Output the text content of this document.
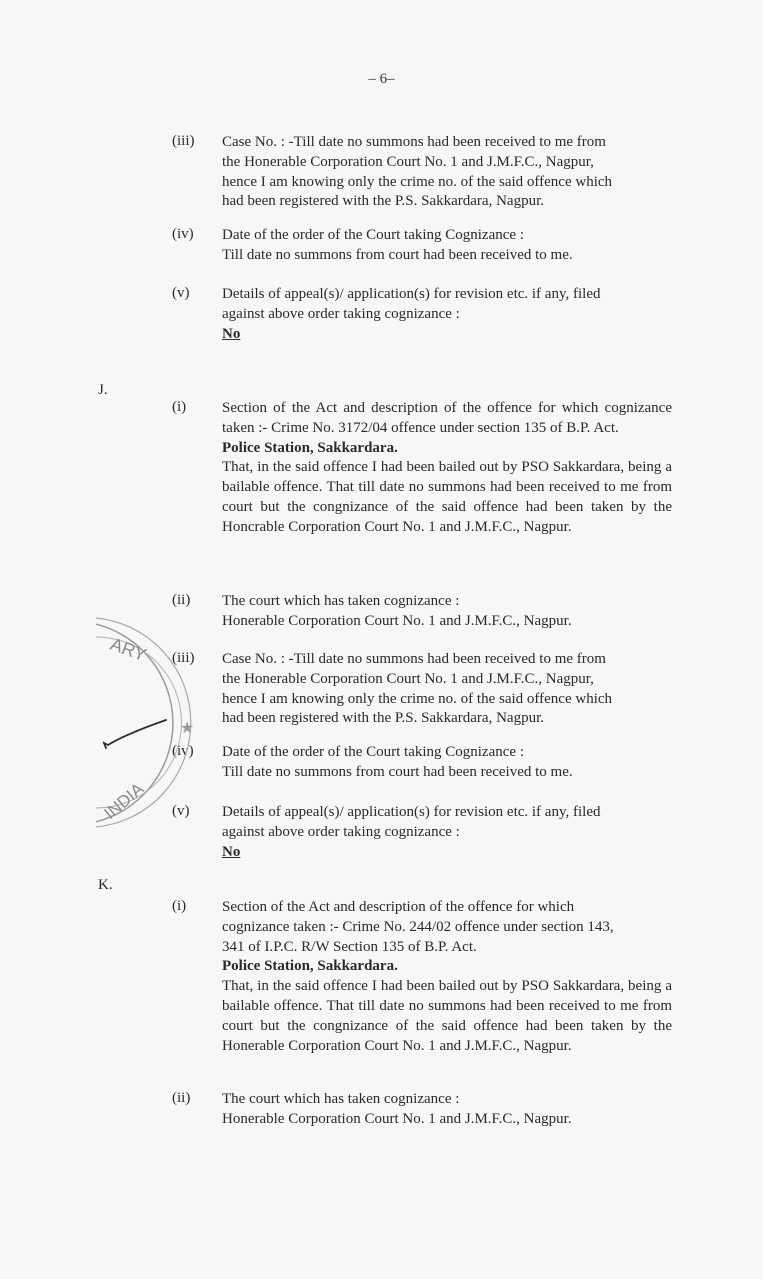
– 6–
(iii) Case No. : -Till date no summons had been received to me from

the Honerable Corporation Court No. 1 and J.M.F.C., Nagpur,

hence I am knowing only the crime no. of the said offence which

had been registered with the P.S. Sakkardara, Nagpur.

(iv) Date of the order of the Court taking Cognizance :

Till date no summons from court had been received to me.

(v) Details of appeal(s)/ application(s) for revision etc. if any, filed

against above order taking cognizance :

No

J.
(i) Section of the Act and description of the offence for which cognizance taken :- Crime No. 3172/04 offence under section 135 of B.P. Act.

Police Station, Sakkardara.

That, in the said offence I had been bailed out by PSO Sakkardara, being a bailable offence. That till date no summons had been received to me from court but the congnizance of the said offence had been taken by the Honcrable Corporation Court No. 1 and J.M.F.C., Nagpur.

(ii) The court which has taken cognizance :

Honerable Corporation Court No. 1 and J.M.F.C., Nagpur.

(iii) Case No. : -Till date no summons had been received to me from

the Honerable Corporation Court No. 1 and J.M.F.C., Nagpur,

hence I am knowing only the crime no. of the said offence which

had been registered with the P.S. Sakkardara, Nagpur.

(iv) Date of the order of the Court taking Cognizance :

Till date no summons from court had been received to me.

(v) Details of appeal(s)/ application(s) for revision etc. if any, filed

against above order taking cognizance :

No

K.
(i) Section of the Act and description of the offence for which

cognizance taken :- Crime No. 244/02 offence under section 143,

341 of I.P.C. R/W Section 135 of B.P. Act.

Police Station, Sakkardara.

That, in the said offence I had been bailed out by PSO Sakkardara, being a bailable offence. That till date no summons had been received to me from court but the congnizance of the said offence had been taken by the Honerable Corporation Court No. 1 and J.M.F.C., Nagpur.

(ii) The court which has taken cognizance :

Honerable Corporation Court No. 1 and J.M.F.C., Nagpur.

ARY
INDIA
★
